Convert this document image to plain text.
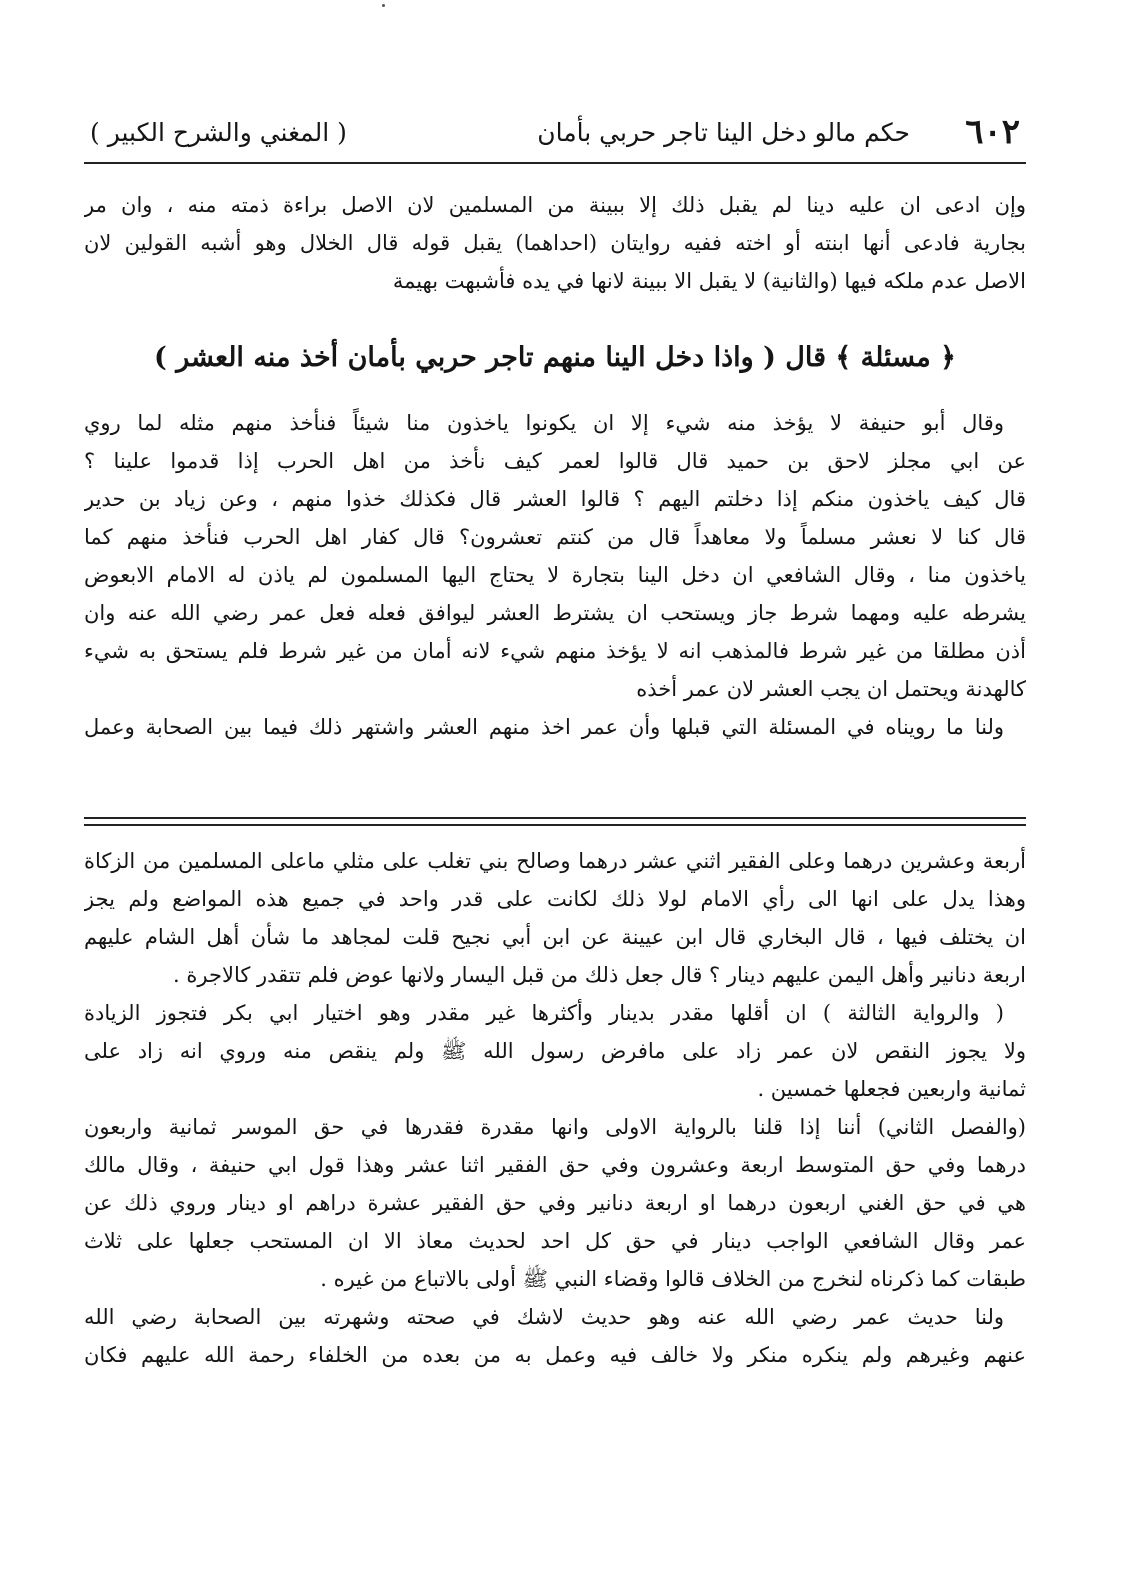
٦٠٢
حكم مالو دخل الينا تاجر حربي بأمان
( المغني والشرح الكبير )
وإن ادعى ان عليه دينا لم يقبل ذلك إلا ببينة من المسلمين لان الاصل براءة ذمته منه ، وان مر
بجارية فادعى أنها ابنته أو اخته ففيه روايتان (احداهما) يقبل قوله قال الخلال وهو أشبه القولين لان
الاصل عدم ملكه فيها (والثانية) لا يقبل الا ببينة لانها في يده فأشبهت بهيمة
﴿ مسئلة ﴾ قال ( واذا دخل الينا منهم تاجر حربي بأمان أخذ منه العشر )
وقال أبو حنيفة لا يؤخذ منه شيء إلا ان يكونوا ياخذون منا شيئاً فنأخذ منهم مثله لما روي
عن ابي مجلز لاحق بن حميد قال قالوا لعمر كيف نأخذ من اهل الحرب إذا قدموا علينا ؟
قال كيف ياخذون منكم إذا دخلتم اليهم ؟ قالوا العشر قال فكذلك خذوا منهم ، وعن زياد بن حدير
قال كنا لا نعشر مسلماً ولا معاهداً قال من كنتم تعشرون؟ قال كفار اهل الحرب فنأخذ منهم كما
ياخذون منا ، وقال الشافعي ان دخل الينا بتجارة لا يحتاج اليها المسلمون لم ياذن له الامام الابعوض
يشرطه عليه ومهما شرط جاز ويستحب ان يشترط العشر ليوافق فعله فعل عمر رضي الله عنه وان
أذن مطلقا من غير شرط فالمذهب انه لا يؤخذ منهم شيء لانه أمان من غير شرط فلم يستحق به شيء
كالهدنة ويحتمل ان يجب العشر لان عمر أخذه
ولنا ما رويناه في المسئلة التي قبلها وأن عمر اخذ منهم العشر واشتهر ذلك فيما بين الصحابة وعمل
أربعة وعشرين درهما وعلى الفقير اثني عشر درهما وصالح بني تغلب على مثلي ماعلى المسلمين من الزكاة
وهذا يدل على انها الى رأي الامام لولا ذلك لكانت على قدر واحد في جميع هذه المواضع ولم يجز
ان يختلف فيها ، قال البخاري قال ابن عيينة عن ابن أبي نجيح قلت لمجاهد ما شأن أهل الشام عليهم
اربعة دنانير وأهل اليمن عليهم دينار ؟ قال جعل ذلك من قبل اليسار ولانها عوض فلم تتقدر كالاجرة .
( والرواية الثالثة ) ان أقلها مقدر بدينار وأكثرها غير مقدر وهو اختيار ابي بكر فتجوز الزيادة
ولا يجوز النقص لان عمر زاد على مافرض رسول الله ﷺ ولم ينقص منه وروي انه زاد على
ثمانية واربعين فجعلها خمسين .
(والفصل الثاني) أننا إذا قلنا بالرواية الاولى وانها مقدرة فقدرها في حق الموسر ثمانية واربعون
درهما وفي حق المتوسط اربعة وعشرون وفي حق الفقير اثنا عشر وهذا قول ابي حنيفة ، وقال مالك
هي في حق الغني اربعون درهما او اربعة دنانير وفي حق الفقير عشرة دراهم او دينار وروي ذلك عن
عمر وقال الشافعي الواجب دينار في حق كل احد لحديث معاذ الا ان المستحب جعلها على ثلاث
طبقات كما ذكرناه لنخرج من الخلاف قالوا وقضاء النبي ﷺ أولى بالاتباع من غيره .
ولنا حديث عمر رضي الله عنه وهو حديث لاشك في صحته وشهرته بين الصحابة رضي الله
عنهم وغيرهم ولم ينكره منكر ولا خالف فيه وعمل به من بعده من الخلفاء رحمة الله عليهم فكان
